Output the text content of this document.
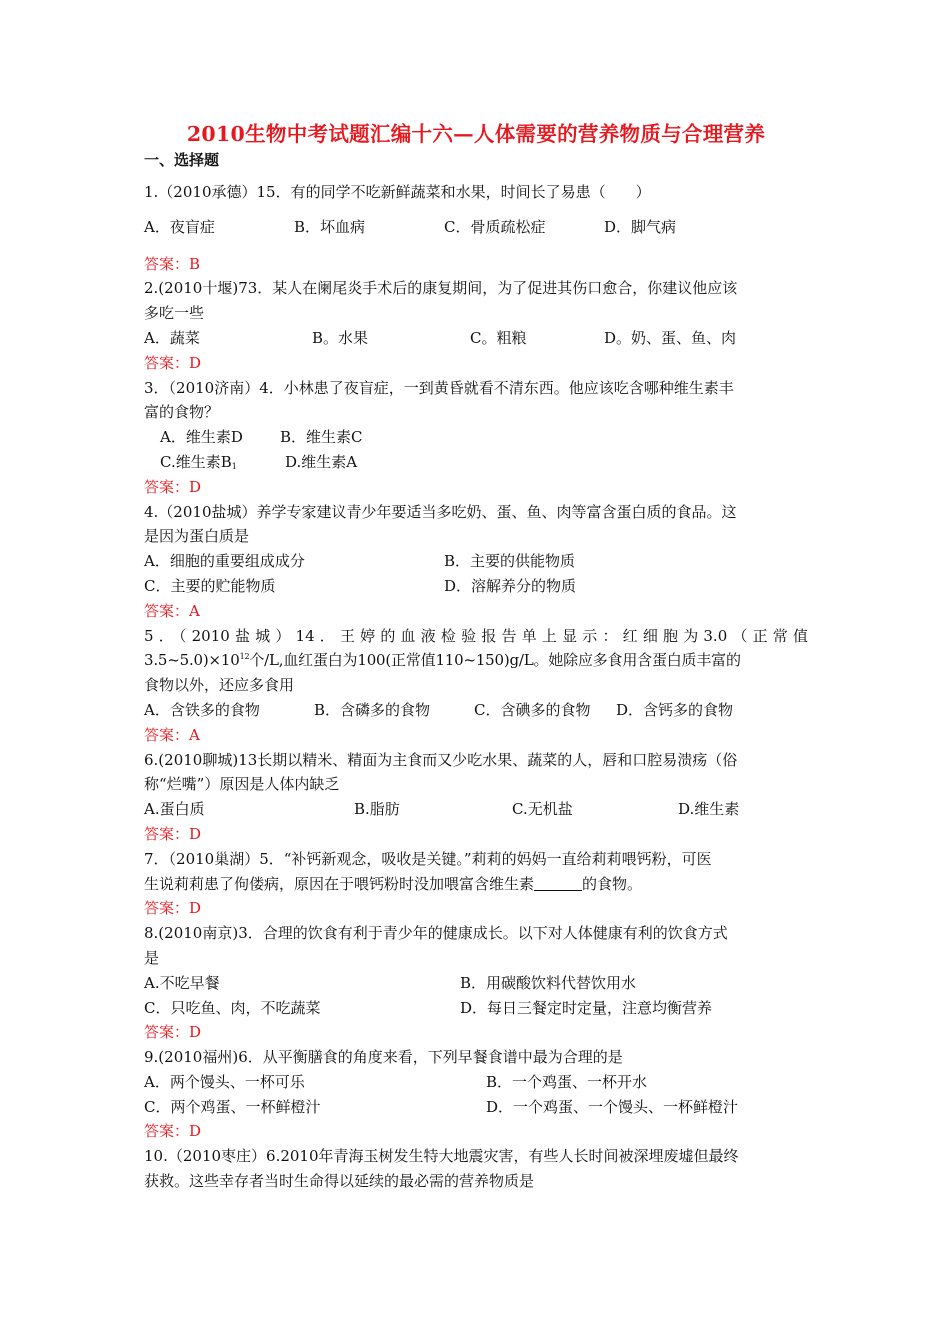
2010生物中考试题汇编十六—人体需要的营养物质与合理营养
一、选择题
1.（2010承德）15．有的同学不吃新鲜蔬菜和水果，时间长了易患（　　）
A．夜盲症	B．坏血病	C．骨质疏松症	D．脚气病
答案：B
2.(2010十堰)73．某人在阑尾炎手术后的康复期间，为了促进其伤口愈合，你建议他应该
多吃一些
A．蔬菜	B。水果	C。粗粮	D。奶、蛋、鱼、肉
答案：D
3．（2010济南）4．小林患了夜盲症，一到黄昏就看不清东西。他应该吃含哪种维生素丰
富的食物？
A．维生素D	B．维生素C
C.维生素$B_1$	D.维生素A
答案：D
4.（2010盐城）养学专家建议青少年要适当多吃奶、蛋、鱼、肉等富含蛋白质的食品。这
是因为蛋白质是
A．细胞的重要组成成分	B．主要的供能物质
C．主要的贮能物质	D．溶解养分的物质
答案：A
5．（2010盐城）14．王婷的血液检验报告单上显示：红细胞为3.0（正常值
$3.5\sim 5.0)\times 10^{12}$个/L,血红蛋白为100(正常值110~150)g/L。她除应多食用含蛋白质丰富的
食物以外，还应多食用
A．含铁多的食物	B．含磷多的食物	C．含碘多的食物	D．含钙多的食物
答案：A
6.(2010聊城)13长期以精米、精面为主食而又少吃水果、蔬菜的人，唇和口腔易溃疡（俗
称“烂嘴”）原因是人体内缺乏
A.蛋白质	B.脂肪	C.无机盐	D.维生素
答案：D
7．（2010巢湖）5．“补钙新观念，吸收是关键。”莉莉的妈妈一直给莉莉喂钙粉，可医
生说莉莉患了佝偻病，原因在于喂钙粉时没加喂富含维生素	的食物。
答案：D
8.(2010南京)3．合理的饮食有利于青少年的健康成长。以下对人体健康有利的饮食方式
是
A.不吃早餐	B．用碳酸饮料代替饮用水
C．只吃鱼、肉，不吃蔬菜	D．每日三餐定时定量，注意均衡营养
答案：D
9.(2010福州)6．从平衡膳食的角度来看，下列早餐食谱中最为合理的是
A．两个馒头、一杯可乐	B．一个鸡蛋、一杯开水
C．两个鸡蛋、一杯鲜橙汁	D．一个鸡蛋、一个馒头、一杯鲜橙汁
答案：D
10.（2010枣庄）6.2010年青海玉树发生特大地震灾害，有些人长时间被深埋废墟但最终
获救。这些幸存者当时生命得以延续的最必需的营养物质是
